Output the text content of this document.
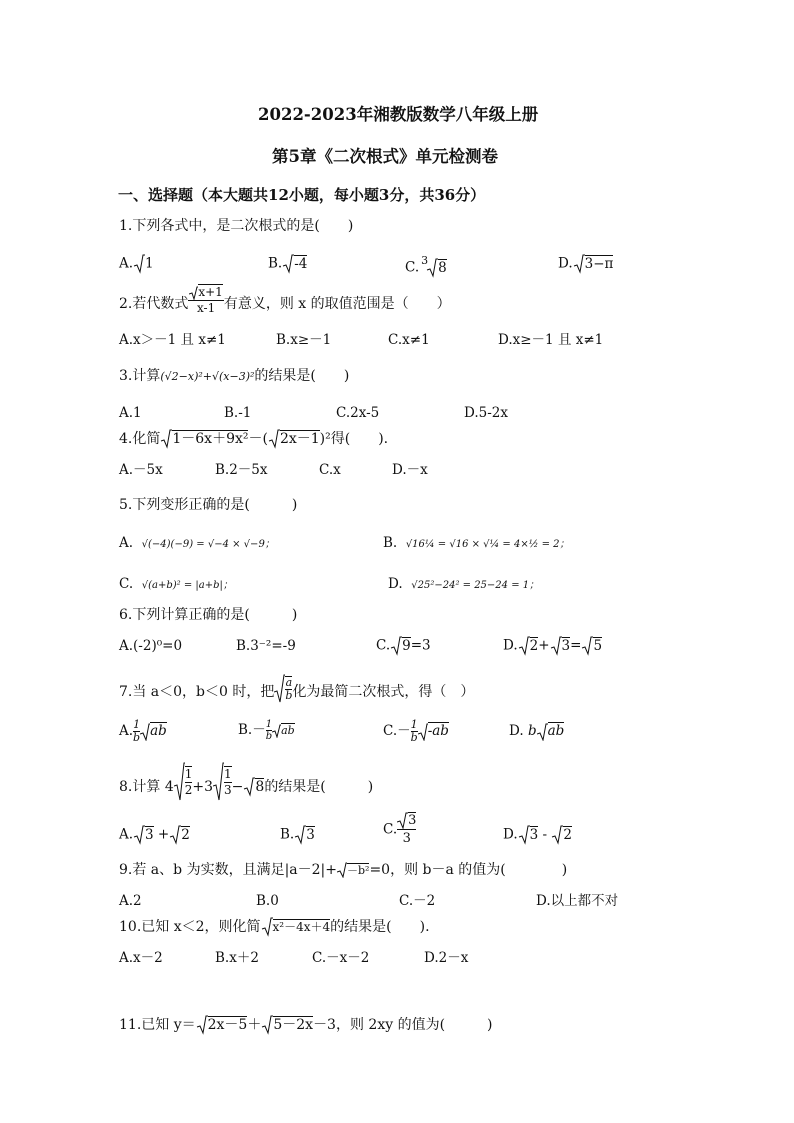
2022-2023年湘教版数学八年级上册
第5章《二次根式》单元检测卷
一、选择题（本大题共12小题，每小题3分，共36分）
1.下列各式中，是二次根式的是(　　)
A. 1	B. -4	C. $^3$ 8	D. 3−π
2.若代数式 $\frac{x+1}{x-1}$ 有意义，则 x 的取值范围是（　　）
A.x＞－1 且 x≠1	B.x≥－1	C.x≠1	D.x≥－1 且 x≠1
3.计算(√2−x)²+√(x−3)²的结果是(　　)
A.1	B.-1	C.2x-5	D.5-2x
4.化简 1－6x＋9x²－( 2x－1)²得(　　).
A.－5x	B.2－5x	C.x	D.－x
5.下列变形正确的是(　　　)
A. √(−4)(−9) = √−4 × √−9；	B. √16¼ = √16 × √¼ = 4×½ = 2；
C. √(a+b)² = |a+b|；	D. √25²−24² = 25−24 = 1；
6.下列计算正确的是(　　　)
A.(-2)⁰=0	B.3⁻²=-9	C. 9=3	D. 2+ 3= 5
7.当 a＜0，b＜0 时，把 $\frac{a}{b}$ 化为最简二次根式，得（　）
A. $\frac{1}{b}$ ab	$B.- \frac{1}{b}$ ab	$C.- \frac{1}{b} -ab$	D. b ab
8.计算 $4 \frac{1}{2} +3 \frac{1}{3} - 8$的结果是(　　　)
A. 3 + 2	B. 3	C. $\frac{3}{3}$	D. 3 - 2
9.若 a、b 为实数，且满足|a－2|+ －b²=0，则 b－a 的值为(　　　　)
A.2	B.0	C.－2	D.以上都不对
10.已知 x＜2，则化简 x²－4x＋4的结果是(　　).
A.x－2	B.x＋2	C.－x－2	D.2－x
11.已知 y＝ 2x－5＋ 5－2x－3，则 2xy 的值为(　　　)
